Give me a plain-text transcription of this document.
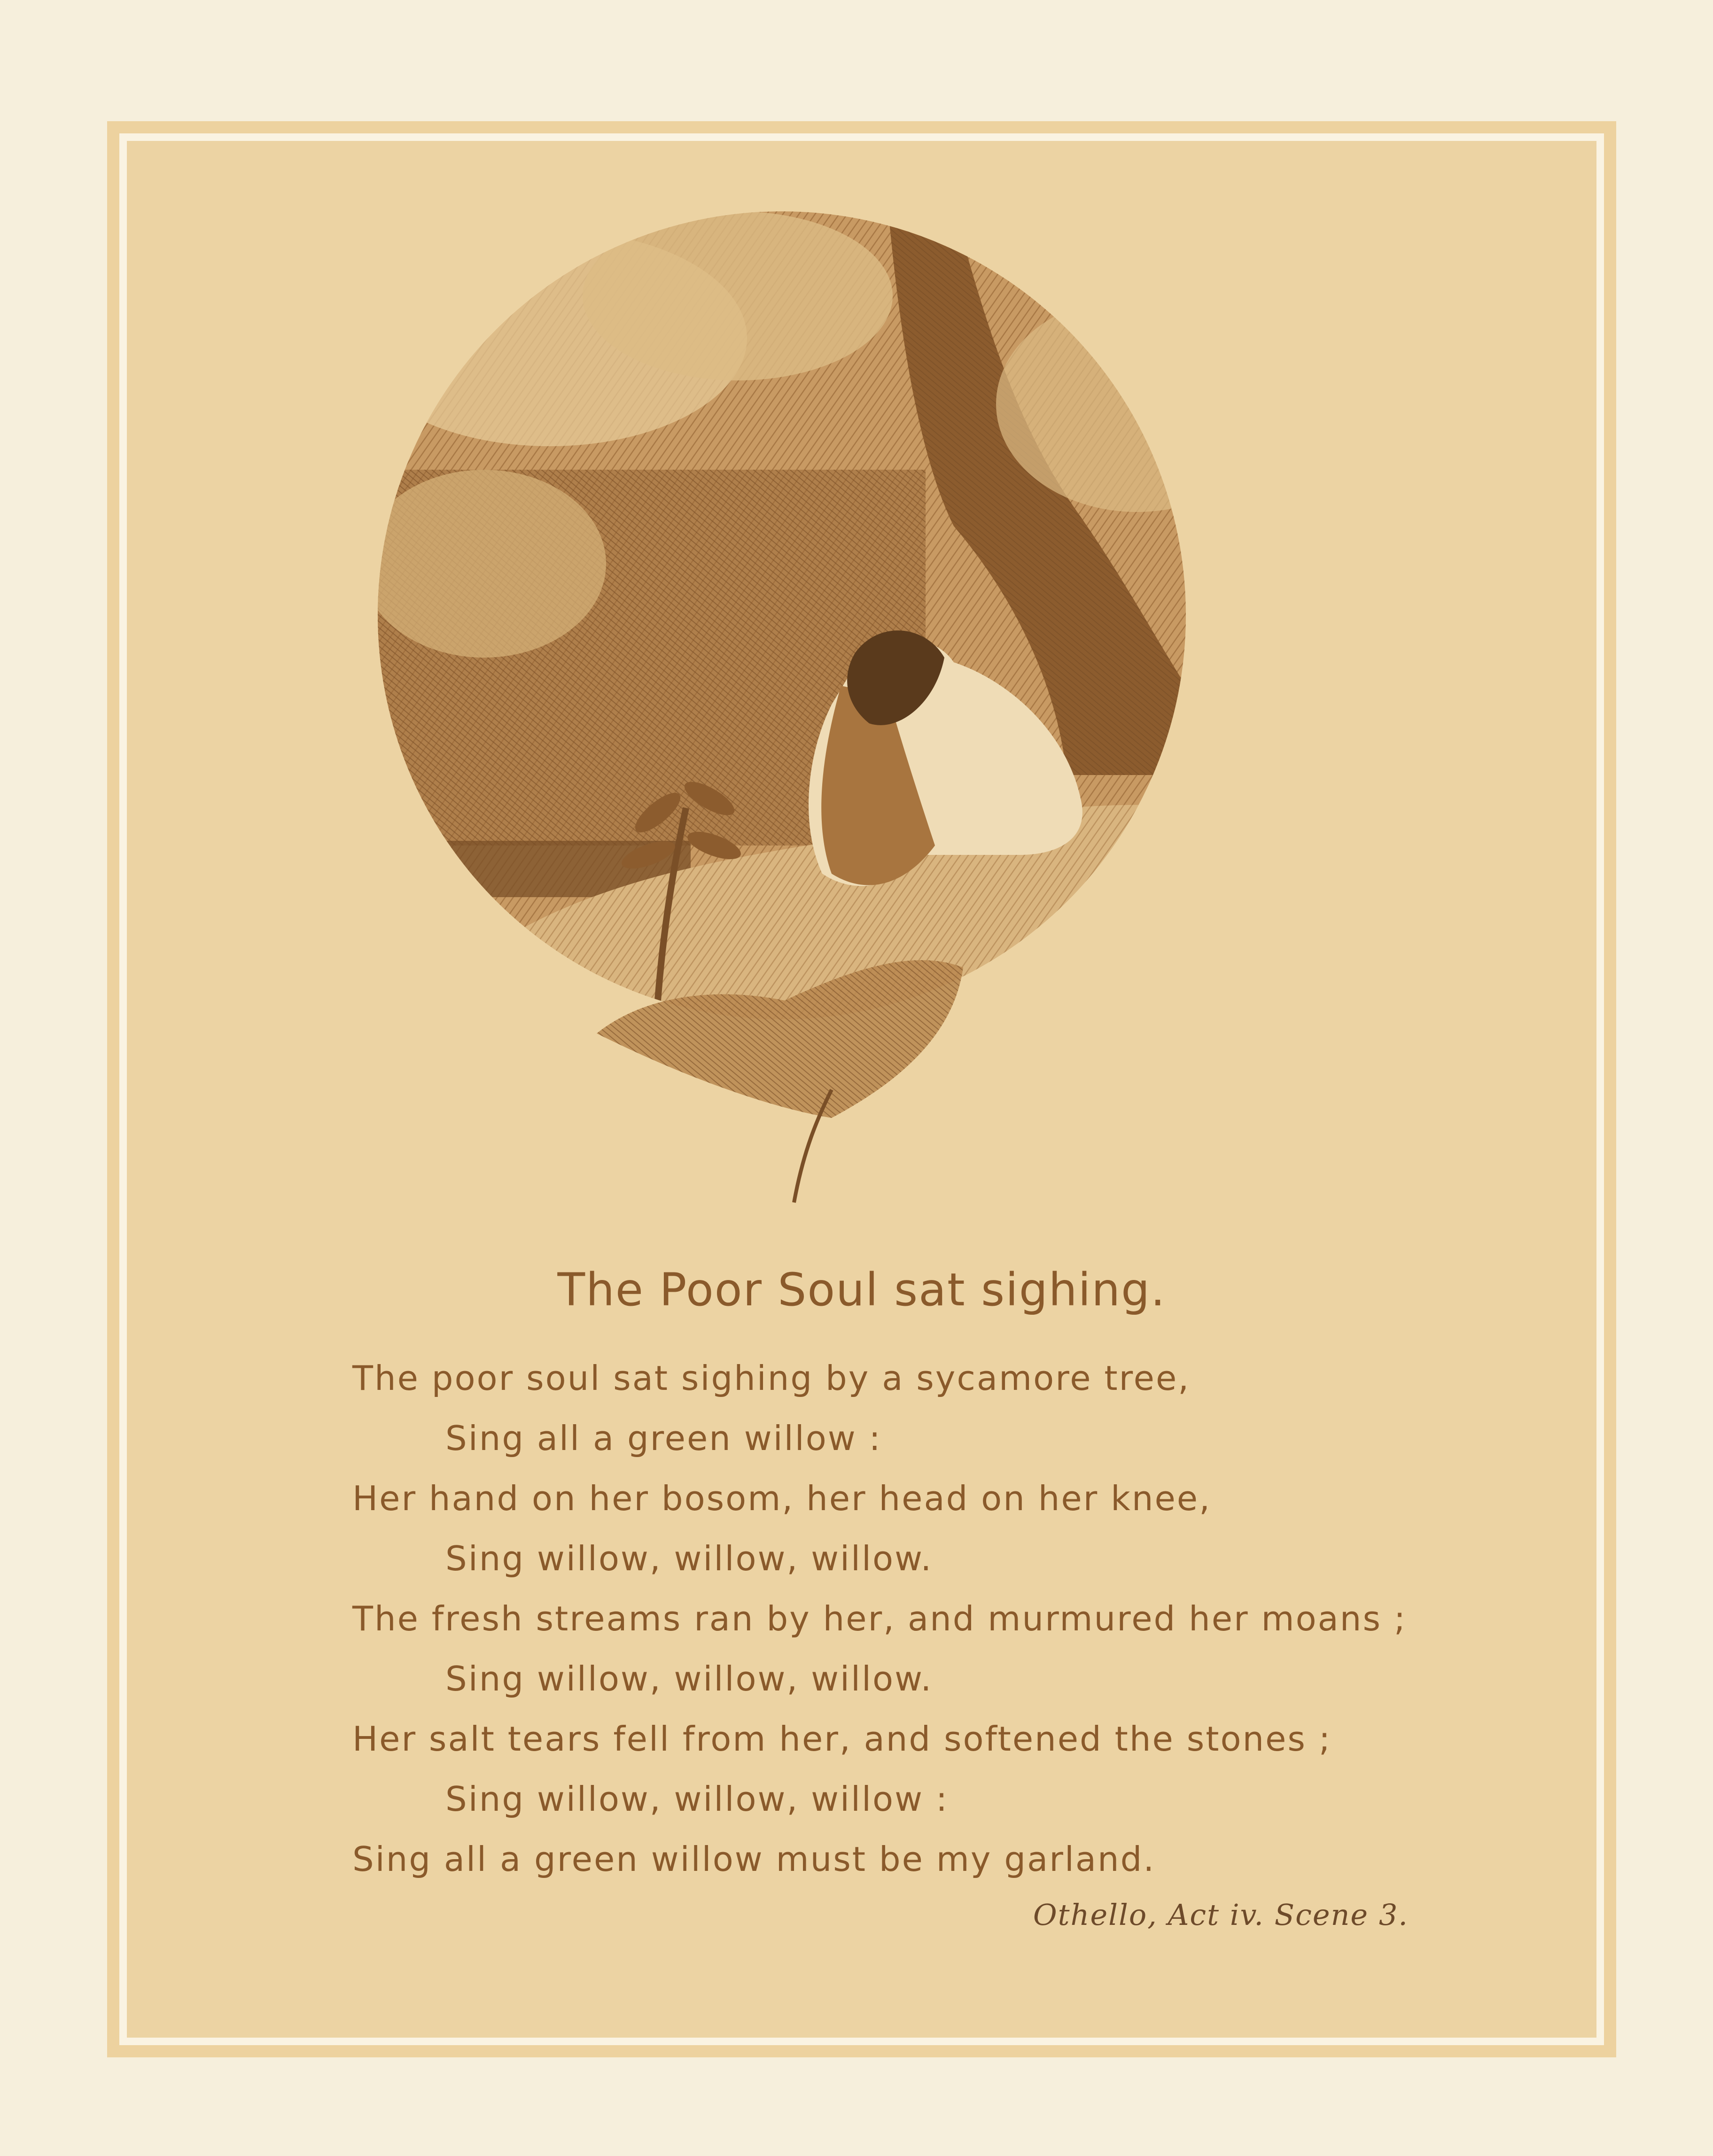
The Poor Soul sat sighing.
The poor soul sat sighing by a sycamore tree,
Sing all a green willow :
Her hand on her bosom, her head on her knee,
Sing willow, willow, willow.
The fresh streams ran by her, and murmured her moans ;
Sing willow, willow, willow.
Her salt tears fell from her, and softened the stones ;
Sing willow, willow, willow :
Sing all a green willow must be my garland.
Othello, Act iv. Scene 3.
